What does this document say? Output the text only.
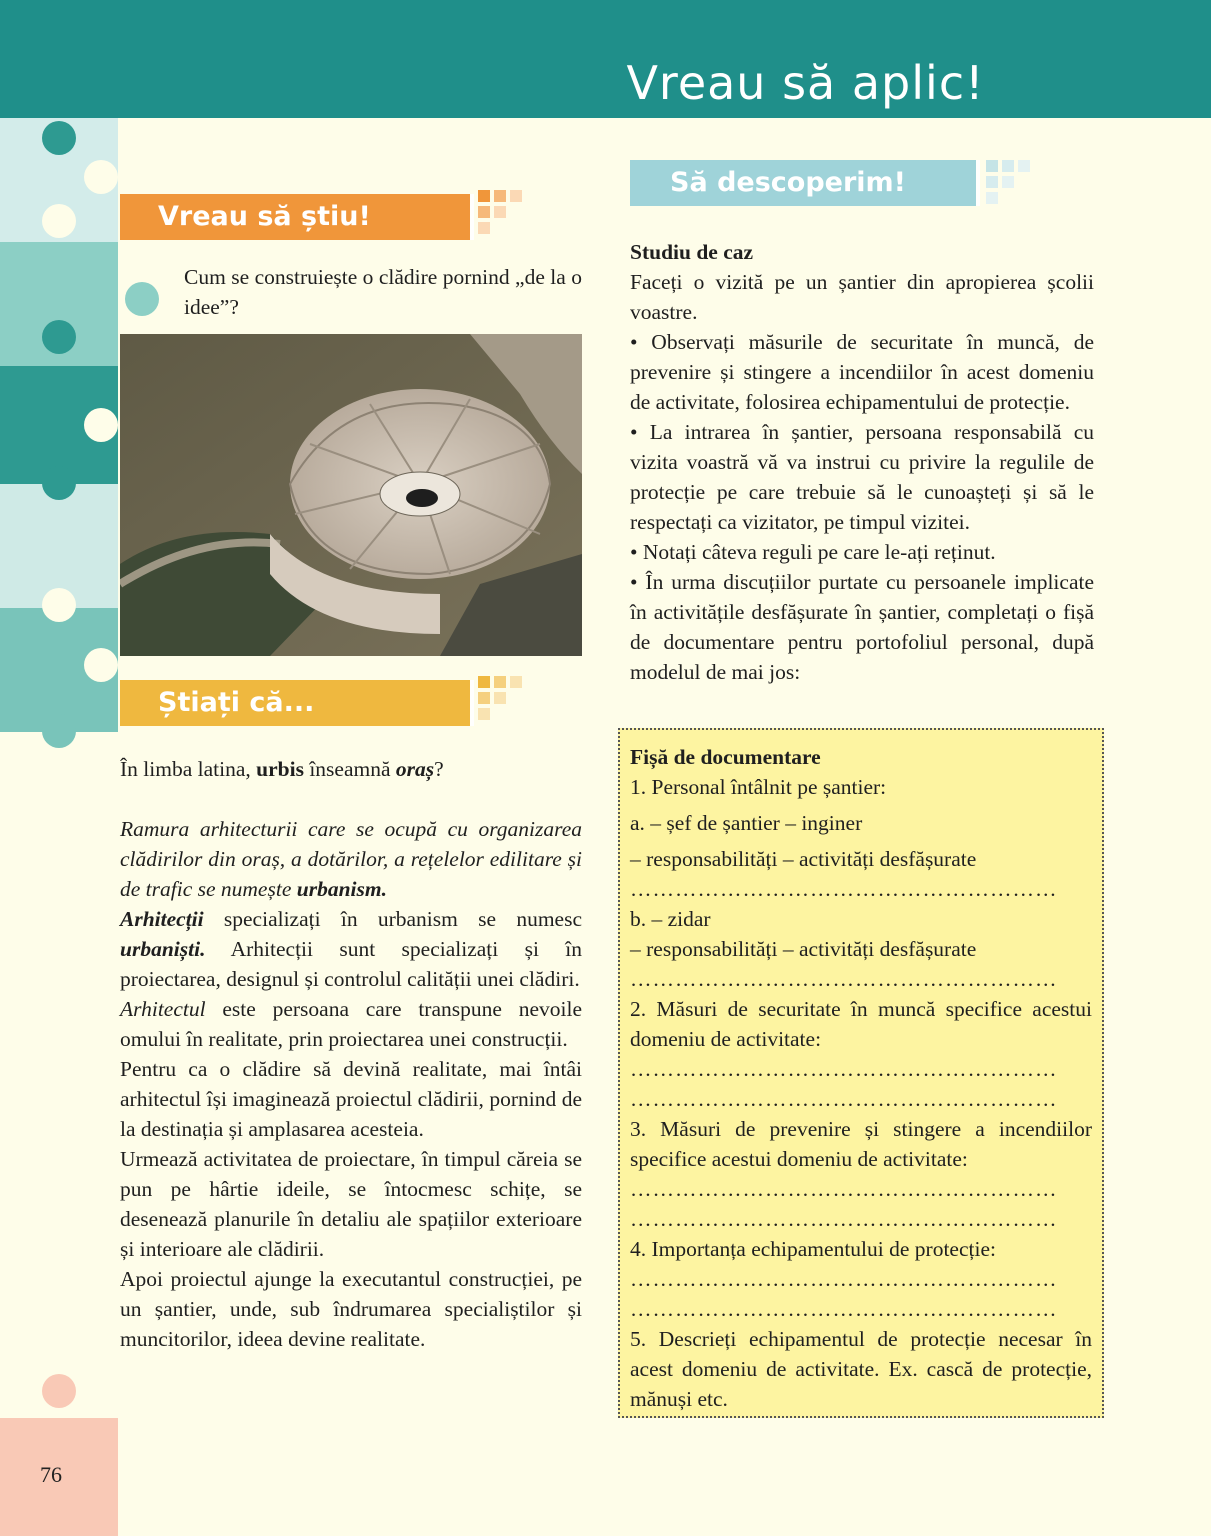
Vreau să aplic!
76
Vreau să știu!

Cum se construiește o clădire pornind „de la o idee”?

Știați că...

În limba latina, urbis înseamnă oraș?

Ramura arhitecturii care se ocupă cu organizarea clădirilor din oraș, a dotărilor, a rețelelor edilitare și de trafic se numește urbanism.

Arhitecții specializați în urbanism se numesc urbaniști. Arhitecții sunt specializați și în proiectarea, designul și controlul calității unei clădiri.

Arhitectul este persoana care transpune nevoile omului în realitate, prin proiectarea unei construcții.

Pentru ca o clădire să devină realitate, mai întâi arhitectul își imaginează proiectul clădirii, pornind de la destinația și amplasarea acesteia.

Urmează activitatea de proiectare, în timpul căreia se pun pe hârtie ideile, se întocmesc schițe, se desenează planurile în detaliu ale spațiilor exterioare și interioare ale clădirii.

Apoi proiectul ajunge la executantul construcției, pe un șantier, unde, sub îndrumarea specialiștilor și muncitorilor, ideea devine realitate.

Să descoperim!

Studiu de caz

Faceți o vizită pe un șantier din apropierea școlii voastre.

• Observați măsurile de securitate în muncă, de prevenire și stingere a incendiilor în acest domeniu de activitate, folosirea echipamentului de protecție.

• La intrarea în șantier, persoana responsabilă cu vizita voastră vă va instrui cu privire la regulile de protecție pe care trebuie să le cunoașteți și să le respectați ca vizitator, pe timpul vizitei.

• Notați câteva reguli pe care le-ați reținut.

• În urma discuțiilor purtate cu persoanele implicate în activitățile desfășurate în șantier, completați o fișă de documentare pentru portofoliul personal, după modelul de mai jos:

Fișă de documentare

1. Personal întâlnit pe șantier:

a. – șef de șantier – inginer

– responsabilități – activități desfășurate

…………………………………………………

b. – zidar

– responsabilități – activități desfășurate

…………………………………………………

2. Măsuri de securitate în muncă specifice acestui domeniu de activitate:

…………………………………………………

…………………………………………………

3. Măsuri de prevenire și stingere a incendiilor specifice acestui domeniu de activitate:

…………………………………………………

…………………………………………………

4. Importanța echipamentului de protecție:

…………………………………………………

…………………………………………………

5. Descrieți echipamentul de protecție necesar în acest domeniu de activitate. Ex. cască de protecție, mănuși etc.
